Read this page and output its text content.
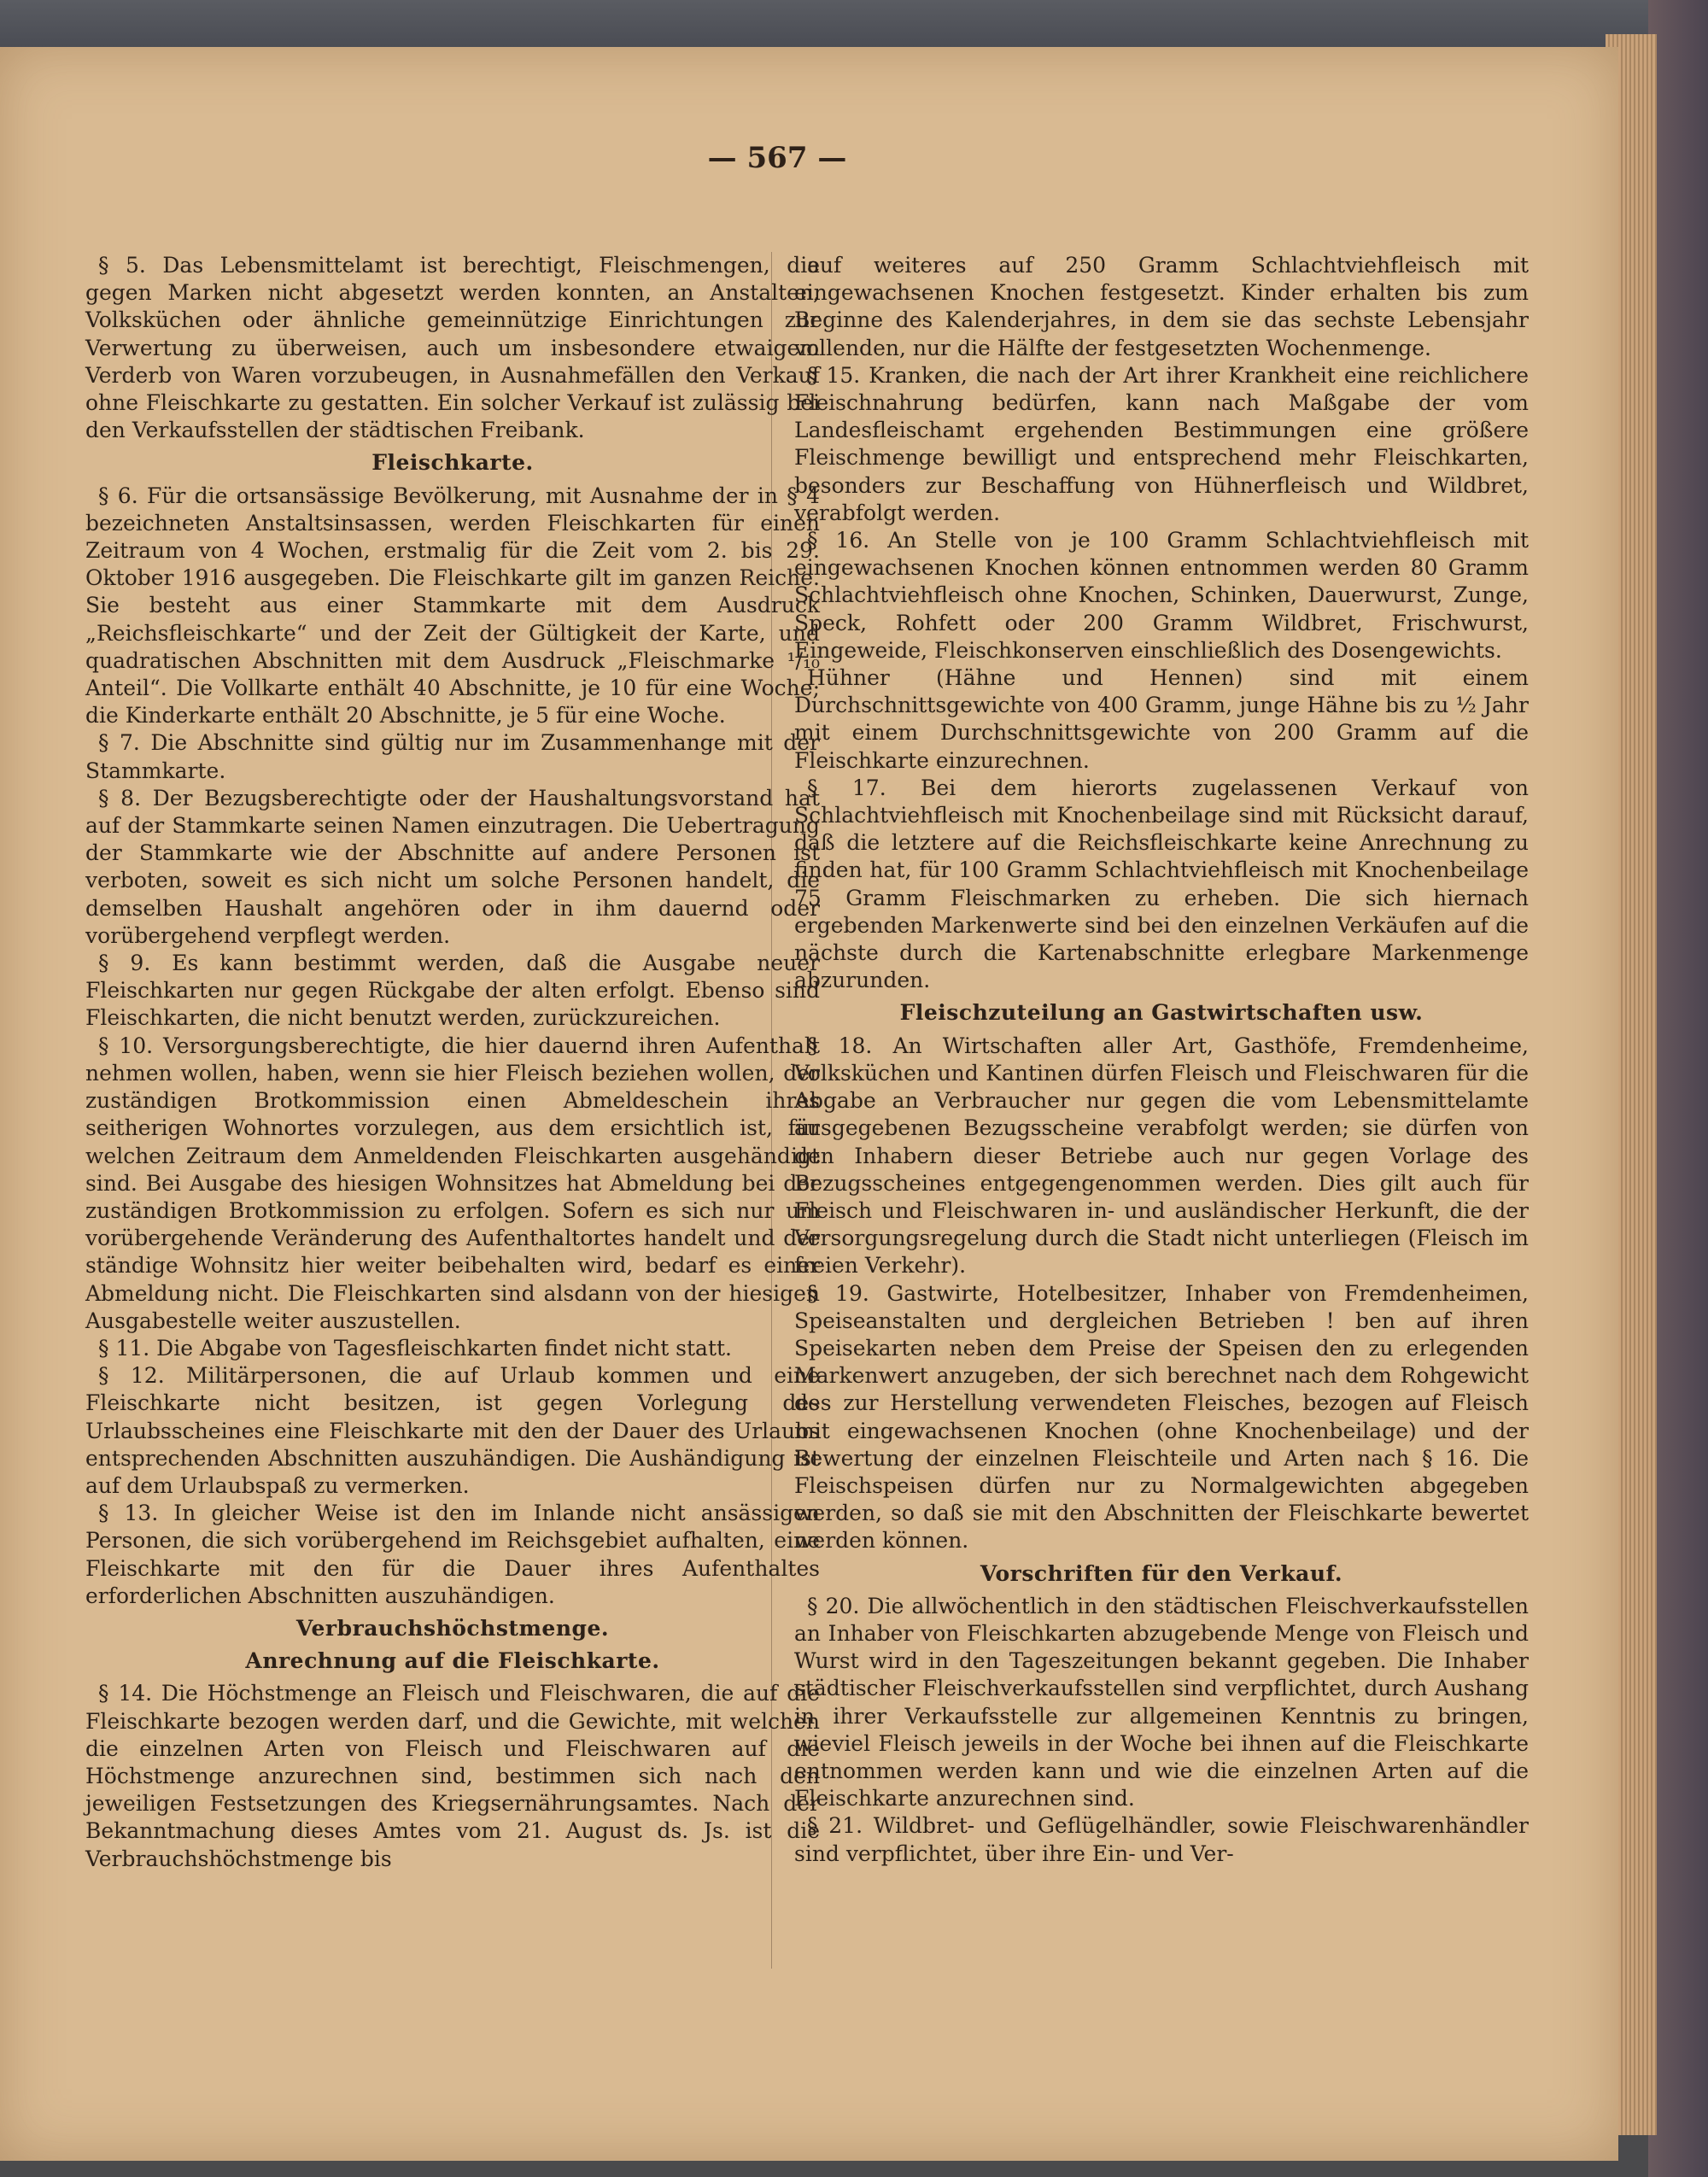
— 567 —

§ 5. Das Lebensmittelamt ist berechtigt, Fleischmengen, die gegen Marken nicht abgesetzt werden konnten, an Anstalten, Volksküchen oder ähnliche gemeinnützige Einrichtungen zur Verwertung zu überweisen, auch um insbesondere etwaigem Verderb von Waren vorzubeugen, in Ausnahmefällen den Verkauf ohne Fleischkarte zu gestatten. Ein solcher Verkauf ist zulässig bei den Verkaufsstellen der städtischen Freibank.

Fleischkarte.

§ 6. Für die ortsansässige Bevölkerung, mit Ausnahme der in § 4 bezeichneten Anstaltsinsassen, werden Fleischkarten für einen Zeitraum von 4 Wochen, erstmalig für die Zeit vom 2. bis 29. Oktober 1916 ausgegeben. Die Fleischkarte gilt im ganzen Reiche. Sie besteht aus einer Stammkarte mit dem Ausdruck „Reichsfleischkarte“ und der Zeit der Gültigkeit der Karte, und quadratischen Abschnitten mit dem Ausdruck „Fleischmarke ¹/₁₀ Anteil“. Die Vollkarte enthält 40 Abschnitte, je 10 für eine Woche; die Kinderkarte enthält 20 Abschnitte, je 5 für eine Woche.

§ 7. Die Abschnitte sind gültig nur im Zusammenhange mit der Stammkarte.

§ 8. Der Bezugsberechtigte oder der Haushaltungsvorstand hat auf der Stammkarte seinen Namen einzutragen. Die Uebertragung der Stammkarte wie der Abschnitte auf andere Personen ist verboten, soweit es sich nicht um solche Personen handelt, die demselben Haushalt angehören oder in ihm dauernd oder vorübergehend verpflegt werden.

§ 9. Es kann bestimmt werden, daß die Ausgabe neuer Fleischkarten nur gegen Rückgabe der alten erfolgt. Ebenso sind Fleischkarten, die nicht benutzt werden, zurückzureichen.

§ 10. Versorgungsberechtigte, die hier dauernd ihren Aufenthalt nehmen wollen, haben, wenn sie hier Fleisch beziehen wollen, der zuständigen Brotkommission einen Abmeldeschein ihres seitherigen Wohnortes vorzulegen, aus dem ersichtlich ist, für welchen Zeitraum dem Anmeldenden Fleischkarten ausgehändigt sind. Bei Ausgabe des hiesigen Wohnsitzes hat Abmeldung bei der zuständigen Brotkommission zu erfolgen. Sofern es sich nur um vorübergehende Veränderung des Aufenthaltortes handelt und der ständige Wohnsitz hier weiter beibehalten wird, bedarf es einer Abmeldung nicht. Die Fleischkarten sind alsdann von der hiesigen Ausgabestelle weiter auszustellen.

§ 11. Die Abgabe von Tagesfleischkarten findet nicht statt.

§ 12. Militärpersonen, die auf Urlaub kommen und eine Fleischkarte nicht besitzen, ist gegen Vorlegung des Urlaubsscheines eine Fleischkarte mit den der Dauer des Urlaubs entsprechenden Abschnitten auszuhändigen. Die Aushändigung ist auf dem Urlaubspaß zu vermerken.

§ 13. In gleicher Weise ist den im Inlande nicht ansässigen Personen, die sich vorübergehend im Reichsgebiet aufhalten, eine Fleischkarte mit den für die Dauer ihres Aufenthaltes erforderlichen Abschnitten auszuhändigen.

Verbrauchshöchstmenge.
Anrechnung auf die Fleischkarte.

§ 14. Die Höchstmenge an Fleisch und Fleischwaren, die auf die Fleischkarte bezogen werden darf, und die Gewichte, mit welchen die einzelnen Arten von Fleisch und Fleischwaren auf die Höchstmenge anzurechnen sind, bestimmen sich nach den jeweiligen Festsetzungen des Kriegsernährungsamtes. Nach der Bekanntmachung dieses Amtes vom 21. August ds. Js. ist die Verbrauchshöchstmenge bis

auf weiteres auf 250 Gramm Schlachtviehfleisch mit eingewachsenen Knochen festgesetzt. Kinder erhalten bis zum Beginne des Kalenderjahres, in dem sie das sechste Lebensjahr vollenden, nur die Hälfte der festgesetzten Wochenmenge.

§ 15. Kranken, die nach der Art ihrer Krankheit eine reichlichere Fleischnahrung bedürfen, kann nach Maßgabe der vom Landesfleischamt ergehenden Bestimmungen eine größere Fleischmenge bewilligt und entsprechend mehr Fleischkarten, besonders zur Beschaffung von Hühnerfleisch und Wildbret, verabfolgt werden.

§ 16. An Stelle von je 100 Gramm Schlachtviehfleisch mit eingewachsenen Knochen können entnommen werden 80 Gramm Schlachtviehfleisch ohne Knochen, Schinken, Dauerwurst, Zunge, Speck, Rohfett oder 200 Gramm Wildbret, Frischwurst, Eingeweide, Fleischkonserven einschließlich des Dosengewichts.

Hühner (Hähne und Hennen) sind mit einem Durchschnittsgewichte von 400 Gramm, junge Hähne bis zu ½ Jahr mit einem Durchschnittsgewichte von 200 Gramm auf die Fleischkarte einzurechnen.

§ 17. Bei dem hierorts zugelassenen Verkauf von Schlachtviehfleisch mit Knochenbeilage sind mit Rücksicht darauf, daß die letztere auf die Reichsfleischkarte keine Anrechnung zu finden hat, für 100 Gramm Schlachtviehfleisch mit Knochenbeilage 75 Gramm Fleischmarken zu erheben. Die sich hiernach ergebenden Markenwerte sind bei den einzelnen Verkäufen auf die nächste durch die Kartenabschnitte erlegbare Markenmenge abzurunden.

Fleischzuteilung an Gastwirtschaften usw.

§ 18. An Wirtschaften aller Art, Gasthöfe, Fremdenheime, Volksküchen und Kantinen dürfen Fleisch und Fleischwaren für die Abgabe an Verbraucher nur gegen die vom Lebensmittelamte ausgegebenen Bezugsscheine verabfolgt werden; sie dürfen von den Inhabern dieser Betriebe auch nur gegen Vorlage des Bezugsscheines entgegengenommen werden. Dies gilt auch für Fleisch und Fleischwaren in- und ausländischer Herkunft, die der Versorgungsregelung durch die Stadt nicht unterliegen (Fleisch im freien Verkehr).

§ 19. Gastwirte, Hotelbesitzer, Inhaber von Fremdenheimen, Speiseanstalten und dergleichen Betrieben ! ben auf ihren Speisekarten neben dem Preise der Speisen den zu erlegenden Markenwert anzugeben, der sich berechnet nach dem Rohgewicht des zur Herstellung verwendeten Fleisches, bezogen auf Fleisch mit eingewachsenen Knochen (ohne Knochenbeilage) und der Bewertung der einzelnen Fleischteile und Arten nach § 16. Die Fleischspeisen dürfen nur zu Normalgewichten abgegeben werden, so daß sie mit den Abschnitten der Fleischkarte bewertet werden können.

Vorschriften für den Verkauf.

§ 20. Die allwöchentlich in den städtischen Fleischverkaufsstellen an Inhaber von Fleischkarten abzugebende Menge von Fleisch und Wurst wird in den Tageszeitungen bekannt gegeben. Die Inhaber städtischer Fleischverkaufsstellen sind verpflichtet, durch Aushang in ihrer Verkaufsstelle zur allgemeinen Kenntnis zu bringen, wieviel Fleisch jeweils in der Woche bei ihnen auf die Fleischkarte entnommen werden kann und wie die einzelnen Arten auf die Fleischkarte anzurechnen sind.

§ 21. Wildbret- und Geflügelhändler, sowie Fleischwarenhändler sind verpflichtet, über ihre Ein- und Ver-
